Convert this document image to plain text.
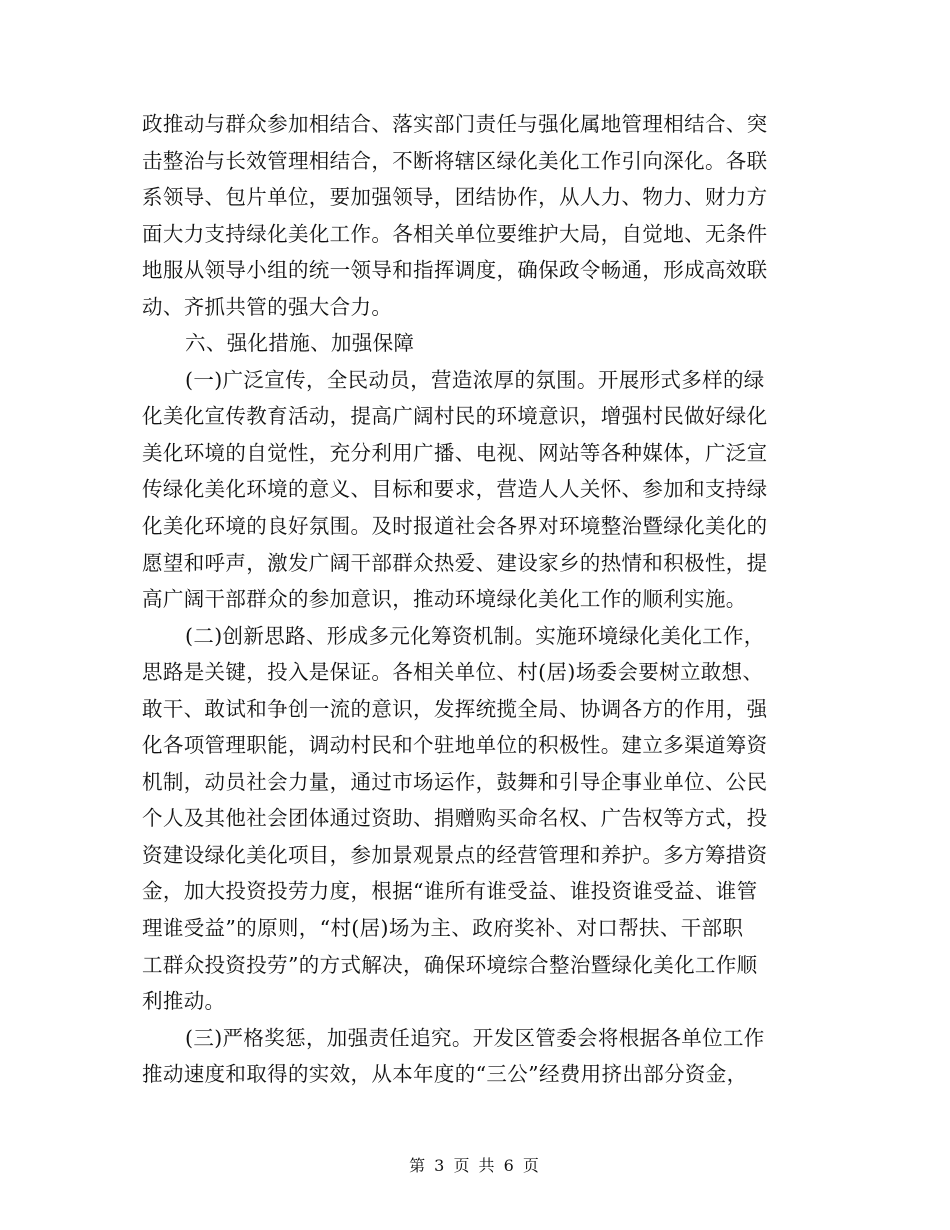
政推动与群众参加相结合、落实部门责任与强化属地管理相结合、突
击整治与长效管理相结合，不断将辖区绿化美化工作引向深化。各联
系领导、包片单位，要加强领导，团结协作，从人力、物力、财力方
面大力支持绿化美化工作。各相关单位要维护大局，自觉地、无条件
地服从领导小组的统一领导和指挥调度，确保政令畅通，形成高效联
动、齐抓共管的强大合力。
六、强化措施、加强保障
(一)广泛宣传，全民动员，营造浓厚的氛围。开展形式多样的绿
化美化宣传教育活动，提高广阔村民的环境意识，增强村民做好绿化
美化环境的自觉性，充分利用广播、电视、网站等各种媒体，广泛宣
传绿化美化环境的意义、目标和要求，营造人人关怀、参加和支持绿
化美化环境的良好氛围。及时报道社会各界对环境整治暨绿化美化的
愿望和呼声，激发广阔干部群众热爱、建设家乡的热情和积极性，提
高广阔干部群众的参加意识，推动环境绿化美化工作的顺利实施。
(二)创新思路、形成多元化筹资机制。实施环境绿化美化工作，
思路是关键，投入是保证。各相关单位、村(居)场委会要树立敢想、
敢干、敢试和争创一流的意识，发挥统揽全局、协调各方的作用，强
化各项管理职能，调动村民和个驻地单位的积极性。建立多渠道筹资
机制，动员社会力量，通过市场运作，鼓舞和引导企事业单位、公民
个人及其他社会团体通过资助、捐赠购买命名权、广告权等方式，投
资建设绿化美化项目，参加景观景点的经营管理和养护。多方筹措资
金，加大投资投劳力度，根据“谁所有谁受益、谁投资谁受益、谁管
理谁受益”的原则，“村(居)场为主、政府奖补、对口帮扶、干部职
工群众投资投劳”的方式解决，确保环境综合整治暨绿化美化工作顺
利推动。
(三)严格奖惩，加强责任追究。开发区管委会将根据各单位工作
推动速度和取得的实效，从本年度的“三公”经费用挤出部分资金，
第 3 页 共 6 页
